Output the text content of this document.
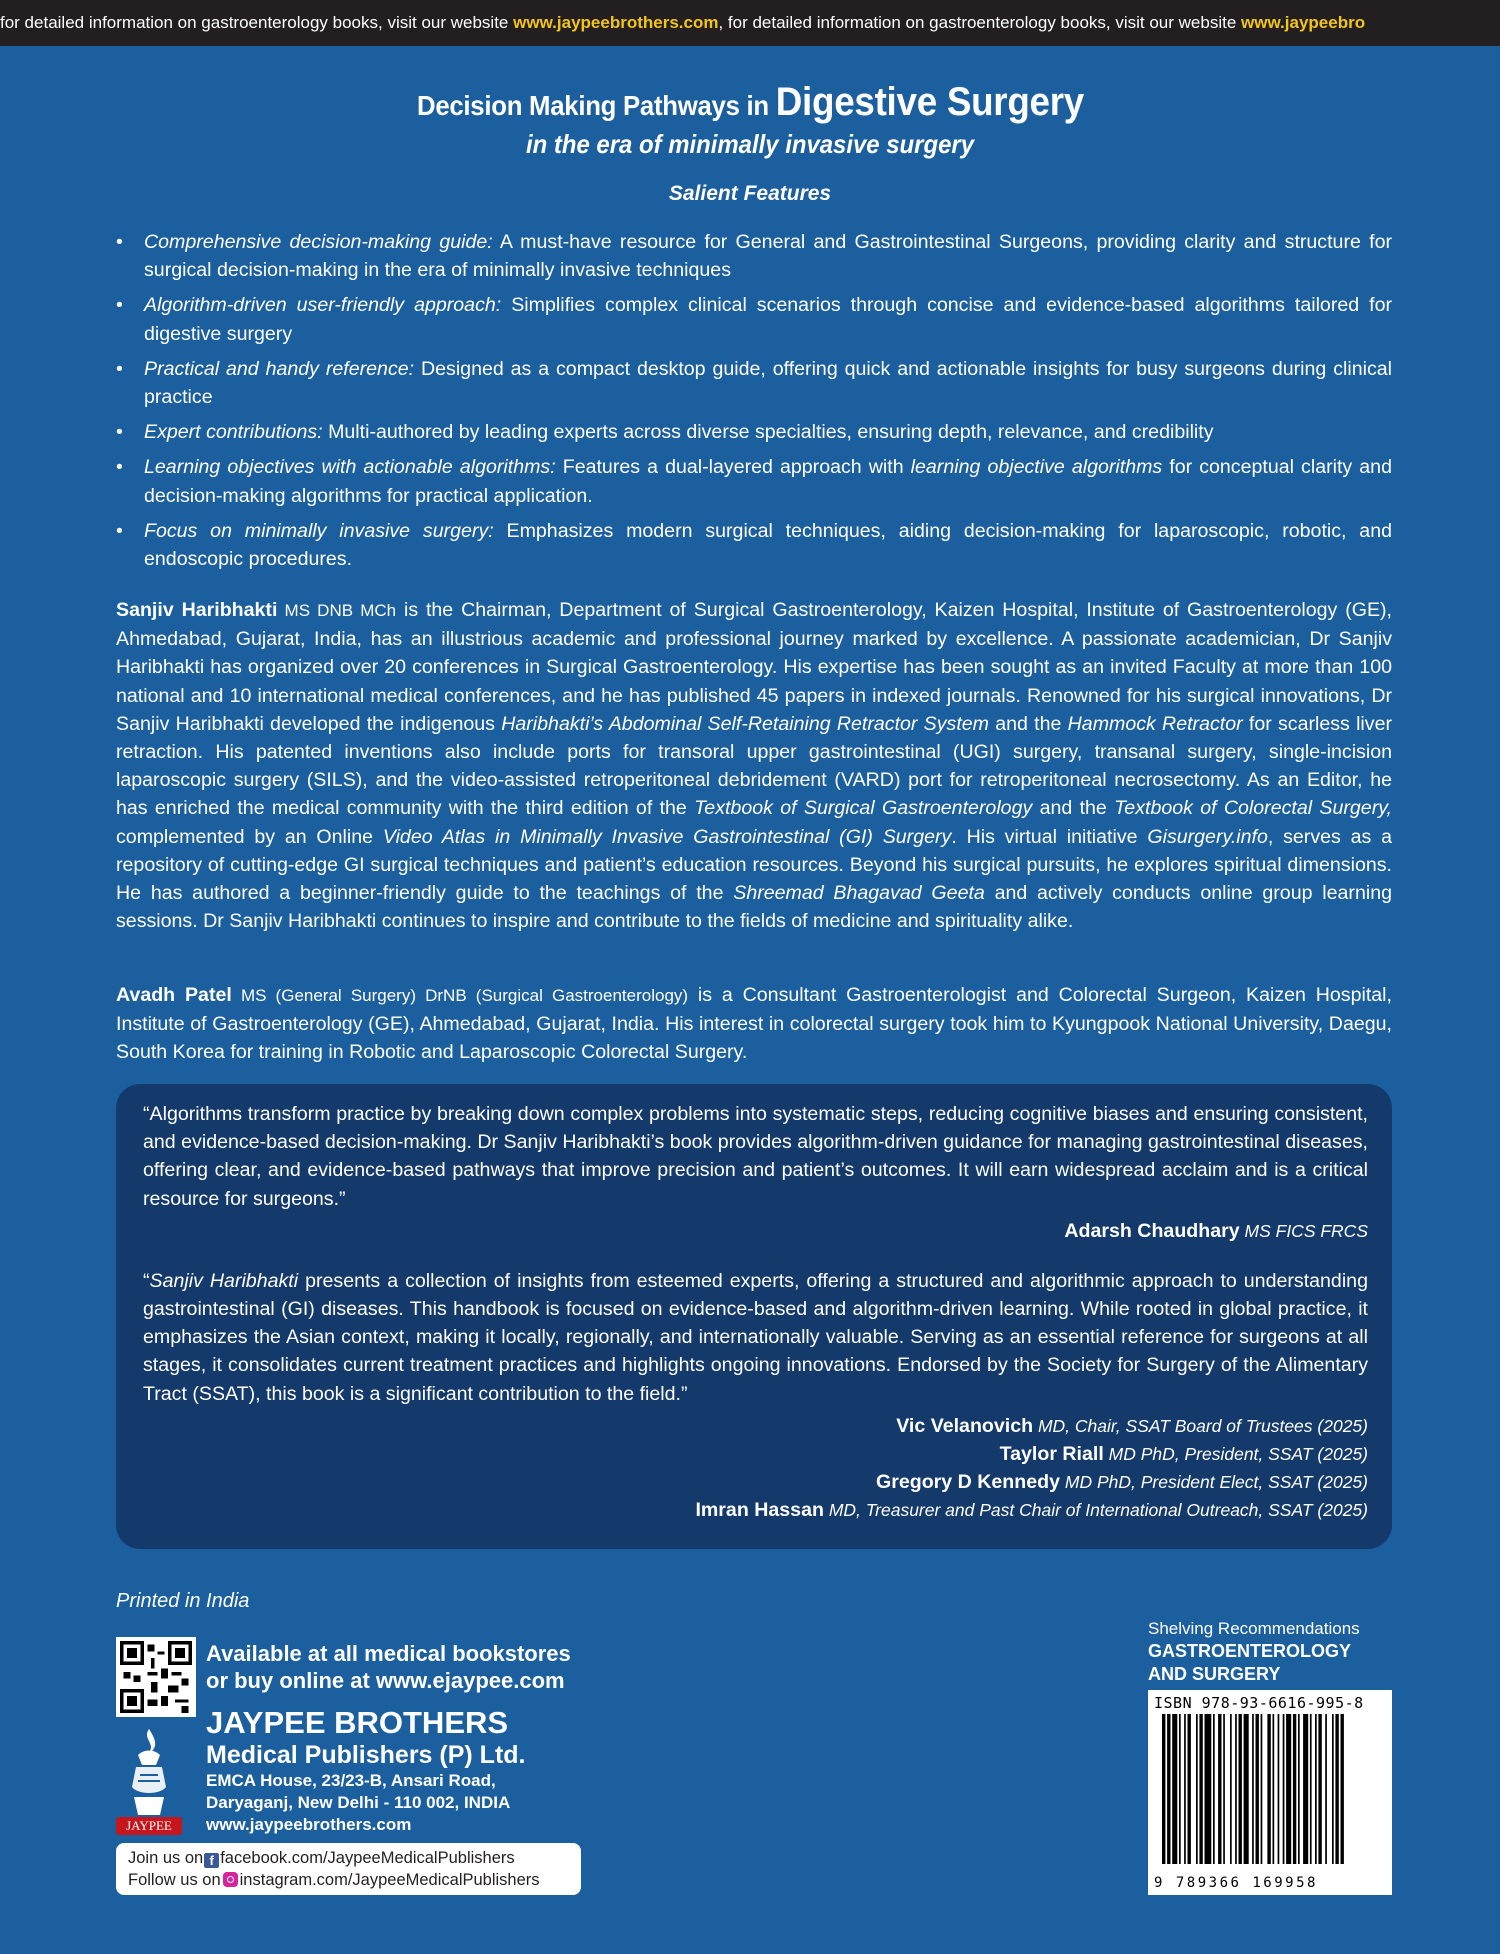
for detailed information on gastroenterology books, visit our website www.jaypeebrothers.com, for detailed information on gastroenterology books, visit our website www.jaypeebro
Decision Making Pathways in Digestive Surgery
in the era of minimally invasive surgery
Salient Features
• Comprehensive decision-making guide: A must-have resource for General and Gastrointestinal Surgeons, providing clarity and structure for surgical decision-making in the era of minimally invasive techniques
• Algorithm-driven user-friendly approach: Simplifies complex clinical scenarios through concise and evidence-based algorithms tailored for digestive surgery
• Practical and handy reference: Designed as a compact desktop guide, offering quick and actionable insights for busy surgeons during clinical practice
• Expert contributions: Multi-authored by leading experts across diverse specialties, ensuring depth, relevance, and credibility
• Learning objectives with actionable algorithms: Features a dual-layered approach with learning objective algorithms for conceptual clarity and decision-making algorithms for practical application.
• Focus on minimally invasive surgery: Emphasizes modern surgical techniques, aiding decision-making for laparoscopic, robotic, and endoscopic procedures.
Sanjiv Haribhakti MS DNB MCh is the Chairman, Department of Surgical Gastroenterology, Kaizen Hospital, Institute of Gastroenterology (GE), Ahmedabad, Gujarat, India, has an illustrious academic and professional journey marked by excellence. A passionate academician, Dr Sanjiv Haribhakti has organized over 20 conferences in Surgical Gastroenterology. His expertise has been sought as an invited Faculty at more than 100 national and 10 international medical conferences, and he has published 45 papers in indexed journals. Renowned for his surgical innovations, Dr Sanjiv Haribhakti developed the indigenous Haribhakti’s Abdominal Self-Retaining Retractor System and the Hammock Retractor for scarless liver retraction. His patented inventions also include ports for transoral upper gastrointestinal (UGI) surgery, transanal surgery, single-incision laparoscopic surgery (SILS), and the video-assisted retroperitoneal debridement (VARD) port for retroperitoneal necrosectomy. As an Editor, he has enriched the medical community with the third edition of the Textbook of Surgical Gastroenterology and the Textbook of Colorectal Surgery, complemented by an Online Video Atlas in Minimally Invasive Gastrointestinal (GI) Surgery. His virtual initiative Gisurgery.info, serves as a repository of cutting-edge GI surgical techniques and patient’s education resources. Beyond his surgical pursuits, he explores spiritual dimensions. He has authored a beginner-friendly guide to the teachings of the Shreemad Bhagavad Geeta and actively conducts online group learning sessions. Dr Sanjiv Haribhakti continues to inspire and contribute to the fields of medicine and spirituality alike.
Avadh Patel MS (General Surgery) DrNB (Surgical Gastroenterology) is a Consultant Gastroenterologist and Colorectal Surgeon, Kaizen Hospital, Institute of Gastroenterology (GE), Ahmedabad, Gujarat, India. His interest in colorectal surgery took him to Kyungpook National University, Daegu, South Korea for training in Robotic and Laparoscopic Colorectal Surgery.

“Algorithms transform practice by breaking down complex problems into systematic steps, reducing cognitive biases and ensuring consistent, and evidence-based decision-making. Dr Sanjiv Haribhakti’s book provides algorithm-driven guidance for managing gastrointestinal diseases, offering clear, and evidence-based pathways that improve precision and patient’s outcomes. It will earn widespread acclaim and is a critical resource for surgeons.”

Adarsh Chaudhary MS FICS FRCS

“Sanjiv Haribhakti presents a collection of insights from esteemed experts, offering a structured and algorithmic approach to understanding gastrointestinal (GI) diseases. This handbook is focused on evidence-based and algorithm-driven learning. While rooted in global practice, it emphasizes the Asian context, making it locally, regionally, and internationally valuable. Serving as an essential reference for surgeons at all stages, it consolidates current treatment practices and highlights ongoing innovations. Endorsed by the Society for Surgery of the Alimentary Tract (SSAT), this book is a significant contribution to the field.”

Vic Velanovich MD, Chair, SSAT Board of Trustees (2025)
Taylor Riall MD PhD, President, SSAT (2025)
Gregory D Kennedy MD PhD, President Elect, SSAT (2025)
Imran Hassan MD, Treasurer and Past Chair of International Outreach, SSAT (2025)
Printed in India
Available at all medical bookstores
or buy online at www.ejaypee.com
JAYPEE
JAYPEE BROTHERS
Medical Publishers (P) Ltd.
EMCA House, 23/23-B, Ansari Road,
Daryaganj, New Delhi - 110 002, INDIA
www.jaypeebrothers.com
Join us on f facebook.com/JaypeeMedicalPublishers
Follow us on instagram.com/JaypeeMedicalPublishers
Shelving Recommendations
GASTROENTEROLOGY
AND SURGERY
ISBN 978-93-6616-995-8
9 789366 169958
